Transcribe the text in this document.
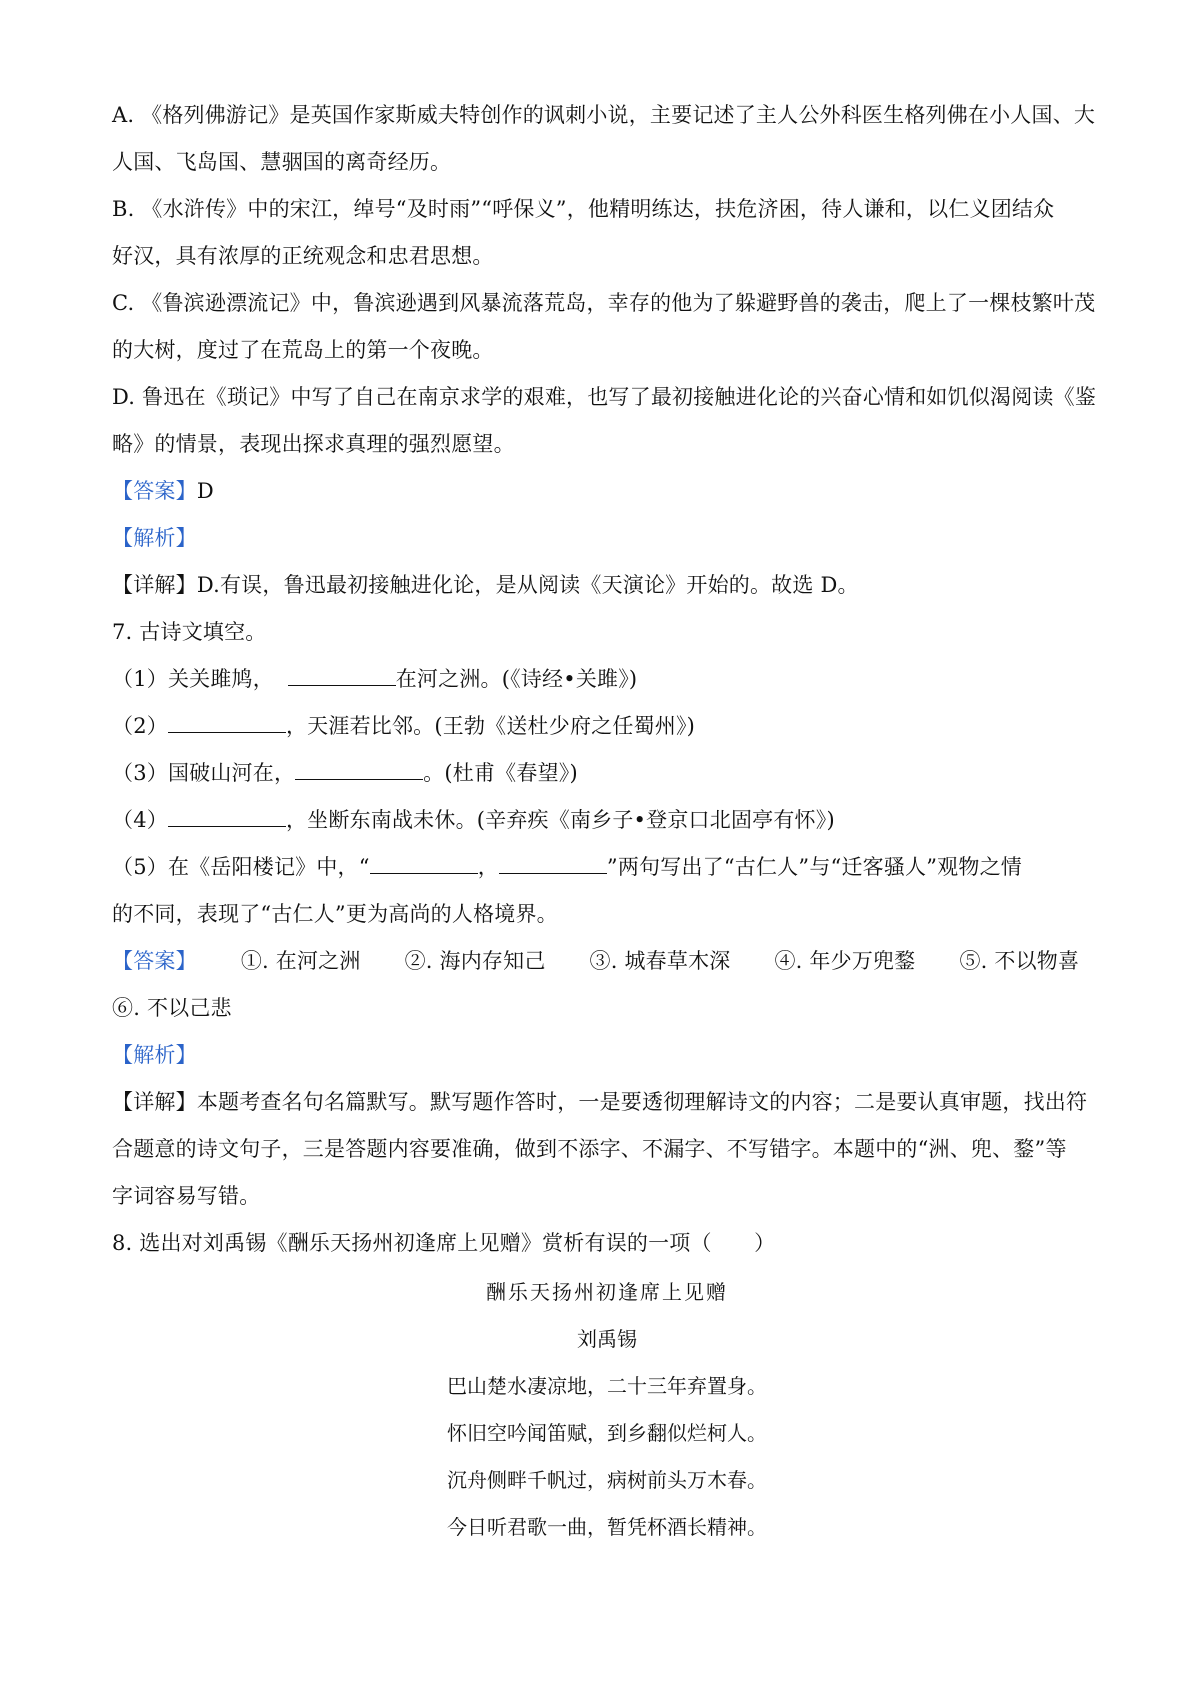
A. 《格列佛游记》是英国作家斯威夫特创作的讽刺小说，主要记述了主人公外科医生格列佛在小人国、大

人国、飞岛国、慧骃国的离奇经历。

B. 《水浒传》中的宋江，绰号“及时雨”“呼保义”，他精明练达，扶危济困，待人谦和，以仁义团结众

好汉，具有浓厚的正统观念和忠君思想。

C. 《鲁滨逊漂流记》中，鲁滨逊遇到风暴流落荒岛，幸存的他为了躲避野兽的袭击，爬上了一棵枝繁叶茂

的大树，度过了在荒岛上的第一个夜晚。

D. 鲁迅在《琐记》中写了自己在南京求学的艰难，也写了最初接触进化论的兴奋心情和如饥似渴阅读《鉴

略》的情景，表现出探求真理的强烈愿望。

【答案】D

【解析】

【详解】D.有误，鲁迅最初接触进化论，是从阅读《天演论》开始的。故选 D。

7. 古诗文填空。

（1）关关雎鸠，	在河之洲。(《诗经•关雎》)

（2）	，天涯若比邻。(王勃《送杜少府之任蜀州》)

（3）国破山河在，	。(杜甫《春望》)

（4）	，坐断东南战未休。(辛弃疾《南乡子•登京口北固亭有怀》)

（5）在《岳阳楼记》中，“	，	”两句写出了“古仁人”与“迁客骚人”观物之情

的不同，表现了“古仁人”更为高尚的人格境界。

【答案】 ①. 在河之洲 ②. 海内存知己 ③. 城春草木深 ④. 年少万兜鍪 ⑤. 不以物喜

⑥. 不以己悲

【解析】

【详解】本题考查名句名篇默写。默写题作答时，一是要透彻理解诗文的内容；二是要认真审题，找出符

合题意的诗文句子，三是答题内容要准确，做到不添字、不漏字、不写错字。本题中的“洲、兜、鍪”等

字词容易写错。

8. 选出对刘禹锡《酬乐天扬州初逢席上见赠》赏析有误的一项（　　）

酬乐天扬州初逢席上见赠
刘禹锡
巴山楚水凄凉地，二十三年弃置身。
怀旧空吟闻笛赋，到乡翻似烂柯人。
沉舟侧畔千帆过，病树前头万木春。
今日听君歌一曲，暂凭杯酒长精神。
